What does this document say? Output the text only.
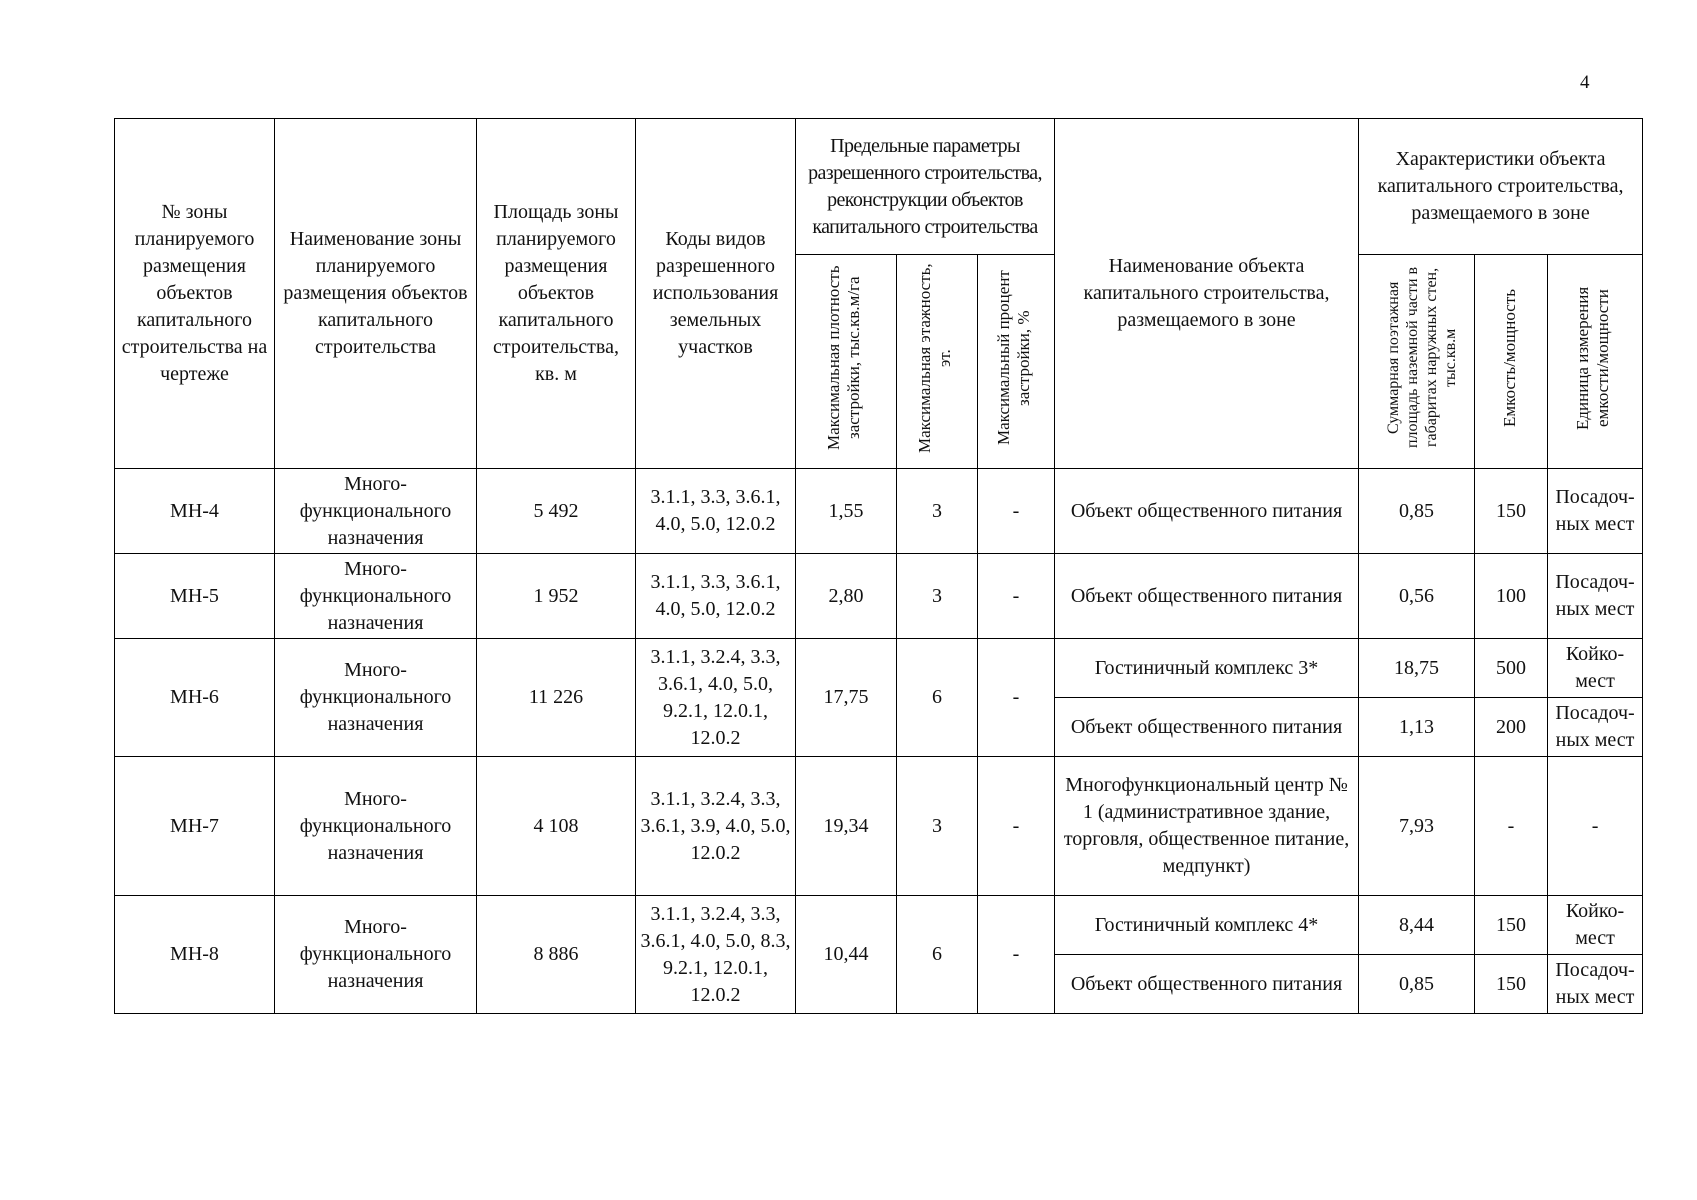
4
№ зоны планируемого размещения объектов капитального строительства на чертеже	Наименование зоны планируемого размещения объектов капитального строительства	Площадь зоны планируемого размещения объектов капитального строительства, кв. м	Коды видов разрешенного использования земельных участков	Предельные параметры разрешенного строительства, реконструкции объектов капитального строительства			Наименование объекта капитального строительства, размещаемого в зоне	Характеристики объекта капитального строительства, размещаемого в зоне		
				Максимальная плотность застройки, тыс.кв.м/га	Максимальная этажность, эт.	Максимальный процент застройки, %		Суммарная поэтажная площадь наземной части в габаритах наружных стен, тыс.кв.м	Емкость/мощность	Единица измерения емкости/мощности
МН-4	Много-функционального назначения	5 492	3.1.1, 3.3, 3.6.1, 4.0, 5.0, 12.0.2	1,55	3	-	Объект общественного питания	0,85	150	Посадоч-ных мест
МН-5	Много-функционального назначения	1 952	3.1.1, 3.3, 3.6.1, 4.0, 5.0, 12.0.2	2,80	3	-	Объект общественного питания	0,56	100	Посадоч-ных мест
МН-6	Много-функционального назначения	11 226	3.1.1, 3.2.4, 3.3, 3.6.1, 4.0, 5.0, 9.2.1, 12.0.1, 12.0.2	17,75	6	-	Гостиничный комплекс 3*	18,75	500	Койко-мест
							Объект общественного питания	1,13	200	Посадоч-ных мест
МН-7	Много-функционального назначения	4 108	3.1.1, 3.2.4, 3.3, 3.6.1, 3.9, 4.0, 5.0, 12.0.2	19,34	3	-	Многофункциональный центр № 1 (административное здание, торговля, общественное питание, медпункт)	7,93	-	-
МН-8	Много-функционального назначения	8 886	3.1.1, 3.2.4, 3.3, 3.6.1, 4.0, 5.0, 8.3, 9.2.1, 12.0.1, 12.0.2	10,44	6	-	Гостиничный комплекс 4*	8,44	150	Койко-мест
							Объект общественного питания	0,85	150	Посадоч-ных мест
